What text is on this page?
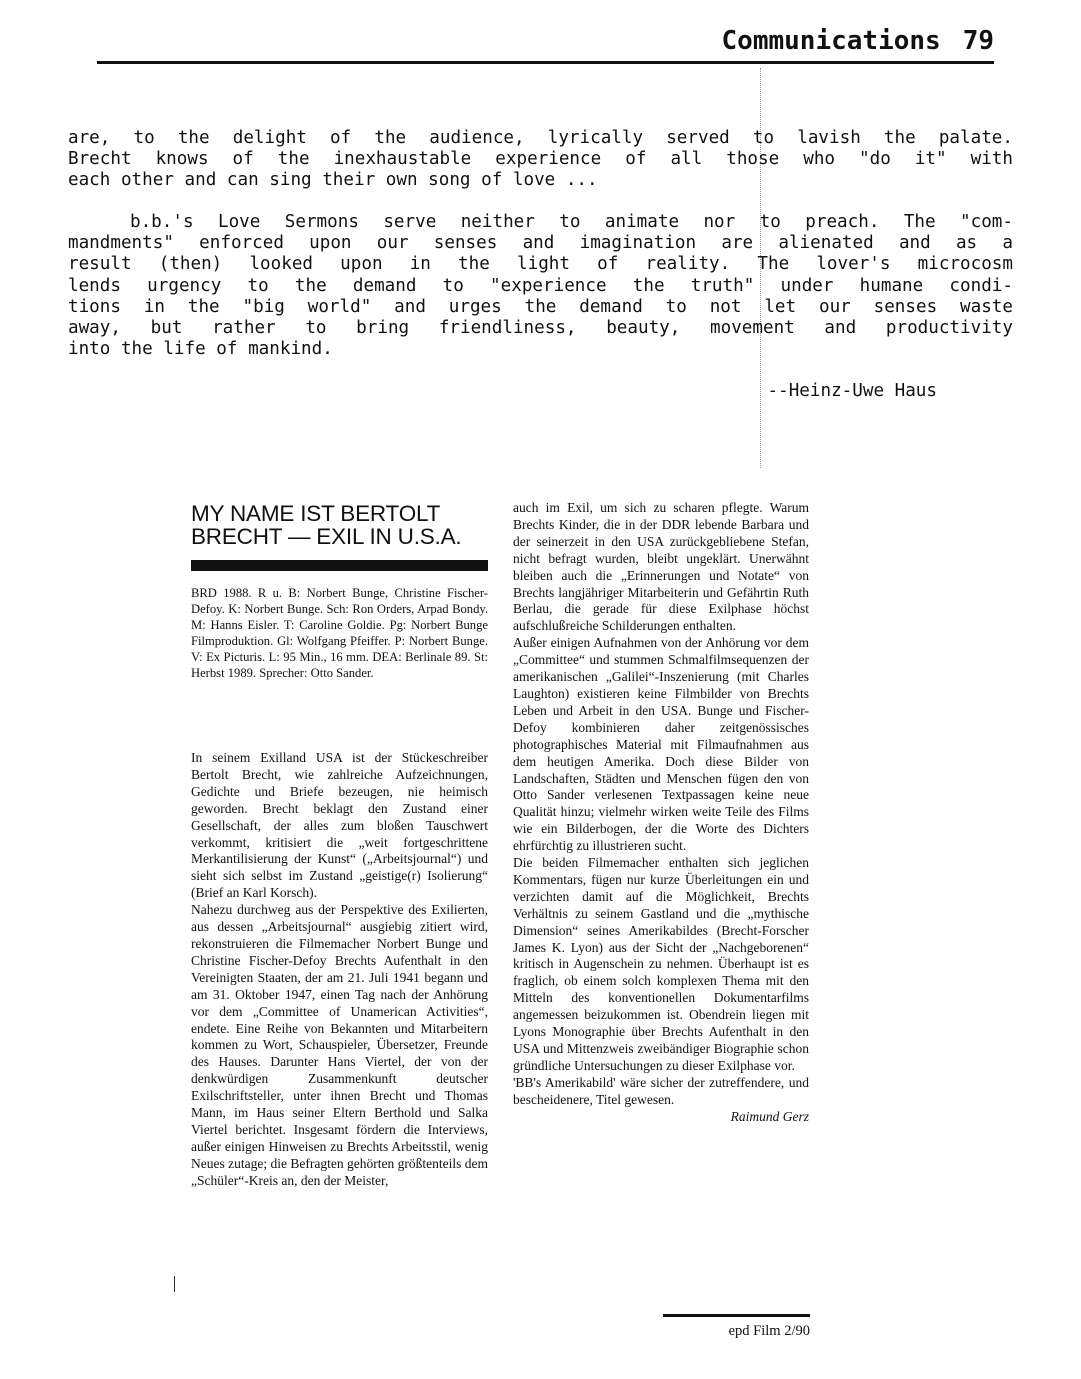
Communications 79
are, to the delight of the audience, lyrically served to lavish the palate.
Brecht knows of the inexhaustable experience of all those who "do it" with
each other and can sing their own song of love ...
b.b.'s Love Sermons serve neither to animate nor to preach. The "com-
mandments" enforced upon our senses and imagination are alienated and as a
result (then) looked upon in the light of reality. The lover's microcosm
lends urgency to the demand to "experience the truth" under humane condi-
tions in the "big world" and urges the demand to not let our senses waste
away, but rather to bring friendliness, beauty, movement and productivity
into the life of mankind.
--Heinz-Uwe Haus
MY NAME IST BERTOLT
BRECHT — EXIL IN U.S.A.

BRD 1988. R u. B: Norbert Bunge, Christine Fischer-Defoy. K: Norbert Bunge. Sch: Ron Orders, Arpad Bondy. M: Hanns Eisler. T: Caroline Goldie. Pg: Norbert Bunge Filmproduktion. Gl: Wolfgang Pfeiffer. P: Norbert Bunge. V: Ex Picturis. L: 95 Min., 16 mm. DEA: Berlinale 89. St: Herbst 1989. Sprecher: Otto Sander.

In seinem Exilland USA ist der Stückeschreiber Bertolt Brecht, wie zahlreiche Aufzeichnungen, Gedichte und Briefe bezeugen, nie heimisch geworden. Brecht beklagt den Zustand einer Gesellschaft, der alles zum bloßen Tauschwert verkommt, kritisiert die „weit fortgeschrittene Merkantilisierung der Kunst“ („Arbeitsjournal“) und sieht sich selbst im Zustand „geistige(r) Isolierung“ (Brief an Karl Korsch).

Nahezu durchweg aus der Perspektive des Exilierten, aus dessen „Arbeitsjournal“ ausgiebig zitiert wird, rekonstruieren die Filmemacher Norbert Bunge und Christine Fischer-Defoy Brechts Aufenthalt in den Vereinigten Staaten, der am 21. Juli 1941 begann und am 31. Oktober 1947, einen Tag nach der Anhörung vor dem „Committee of Unamerican Activities“, endete. Eine Reihe von Bekannten und Mitarbeitern kommen zu Wort, Schauspieler, Übersetzer, Freunde des Hauses. Darunter Hans Viertel, der von der denkwürdigen Zusammenkunft deutscher Exilschriftsteller, unter ihnen Brecht und Thomas Mann, im Haus seiner Eltern Berthold und Salka Viertel berichtet. Insgesamt fördern die Interviews, außer einigen Hinweisen zu Brechts Arbeitsstil, wenig Neues zutage; die Befragten gehörten größtenteils dem „Schüler“-Kreis an, den der Meister,

auch im Exil, um sich zu scharen pflegte. Warum Brechts Kinder, die in der DDR lebende Barbara und der seinerzeit in den USA zurückgebliebene Stefan, nicht befragt wurden, bleibt ungeklärt. Unerwähnt bleiben auch die „Erinnerungen und Notate“ von Brechts langjähriger Mitarbeiterin und Gefährtin Ruth Berlau, die gerade für diese Exilphase höchst aufschlußreiche Schilderungen enthalten.

Außer einigen Aufnahmen von der Anhörung vor dem „Committee“ und stummen Schmalfilmsequenzen der amerikanischen „Galilei“-Inszenierung (mit Charles Laughton) existieren keine Filmbilder von Brechts Leben und Arbeit in den USA. Bunge und Fischer-Defoy kombinieren daher zeitgenössisches photographisches Material mit Filmaufnahmen aus dem heutigen Amerika. Doch diese Bilder von Landschaften, Städten und Menschen fügen den von Otto Sander verlesenen Textpassagen keine neue Qualität hinzu; vielmehr wirken weite Teile des Films wie ein Bilderbogen, der die Worte des Dichters ehrfürchtig zu illustrieren sucht.

Die beiden Filmemacher enthalten sich jeglichen Kommentars, fügen nur kurze Überleitungen ein und verzichten damit auf die Möglichkeit, Brechts Verhältnis zu seinem Gastland und die „mythische Dimension“ seines Amerikabildes (Brecht-Forscher James K. Lyon) aus der Sicht der „Nachgeborenen“ kritisch in Augenschein zu nehmen. Überhaupt ist es fraglich, ob einem solch komplexen Thema mit den Mitteln des konventionellen Dokumentarfilms angemessen beizukommen ist. Obendrein liegen mit Lyons Monographie über Brechts Aufenthalt in den USA und Mittenzweis zweibändiger Biographie schon gründliche Untersuchungen zu dieser Exilphase vor.

'BB's Amerikabild' wäre sicher der zutreffendere, und bescheidenere, Titel gewesen.

Raimund Gerz

epd Film 2/90
